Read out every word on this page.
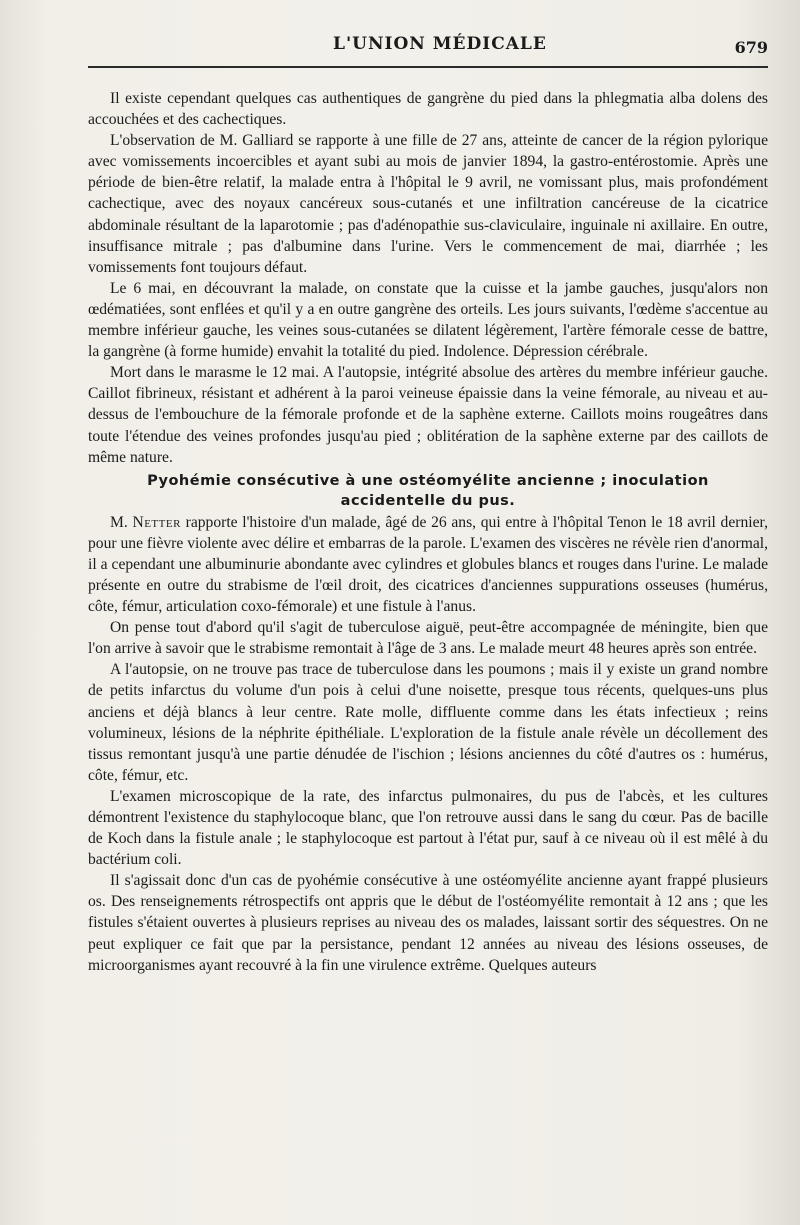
L'UNION MÉDICALE	679

Il existe cependant quelques cas authentiques de gangrène du pied dans la phlegmatia alba dolens des accouchées et des cachectiques.

L'observation de M. Galliard se rapporte à une fille de 27 ans, atteinte de cancer de la région pylorique avec vomissements incoercibles et ayant subi au mois de janvier 1894, la gastro-entérostomie. Après une période de bien-être relatif, la malade entra à l'hôpital le 9 avril, ne vomissant plus, mais profondément cachectique, avec des noyaux cancéreux sous-cutanés et une infiltration cancéreuse de la cicatrice abdominale résultant de la laparotomie ; pas d'adénopathie sus-claviculaire, inguinale ni axillaire. En outre, insuffisance mitrale ; pas d'albumine dans l'urine. Vers le commencement de mai, diarrhée ; les vomissements font toujours défaut.

Le 6 mai, en découvrant la malade, on constate que la cuisse et la jambe gauches, jusqu'alors non œdématiées, sont enflées et qu'il y a en outre gangrène des orteils. Les jours suivants, l'œdème s'accentue au membre inférieur gauche, les veines sous-cutanées se dilatent légèrement, l'artère fémorale cesse de battre, la gangrène (à forme humide) envahit la totalité du pied. Indolence. Dépression cérébrale.

Mort dans le marasme le 12 mai. A l'autopsie, intégrité absolue des artères du membre inférieur gauche. Caillot fibrineux, résistant et adhérent à la paroi veineuse épaissie dans la veine fémorale, au niveau et au-dessus de l'embouchure de la fémorale profonde et de la saphène externe. Caillots moins rougeâtres dans toute l'étendue des veines profondes jusqu'au pied ; oblitération de la saphène externe par des caillots de même nature.

Pyohémie consécutive à une ostéomyélite ancienne ; inoculation
accidentelle du pus.

M. Netter rapporte l'histoire d'un malade, âgé de 26 ans, qui entre à l'hôpital Tenon le 18 avril dernier, pour une fièvre violente avec délire et embarras de la parole. L'examen des viscères ne révèle rien d'anormal, il a cependant une albuminurie abondante avec cylindres et globules blancs et rouges dans l'urine. Le malade présente en outre du strabisme de l'œil droit, des cicatrices d'anciennes suppurations osseuses (humérus, côte, fémur, articulation coxo-fémorale) et une fistule à l'anus.

On pense tout d'abord qu'il s'agit de tuberculose aiguë, peut-être accompagnée de méningite, bien que l'on arrive à savoir que le strabisme remontait à l'âge de 3 ans. Le malade meurt 48 heures après son entrée.

A l'autopsie, on ne trouve pas trace de tuberculose dans les poumons ; mais il y existe un grand nombre de petits infarctus du volume d'un pois à celui d'une noisette, presque tous récents, quelques-uns plus anciens et déjà blancs à leur centre. Rate molle, diffluente comme dans les états infectieux ; reins volumineux, lésions de la néphrite épithéliale. L'exploration de la fistule anale révèle un décollement des tissus remontant jusqu'à une partie dénudée de l'ischion ; lésions anciennes du côté d'autres os : humérus, côte, fémur, etc.

L'examen microscopique de la rate, des infarctus pulmonaires, du pus de l'abcès, et les cultures démontrent l'existence du staphylocoque blanc, que l'on retrouve aussi dans le sang du cœur. Pas de bacille de Koch dans la fistule anale ; le staphylocoque est partout à l'état pur, sauf à ce niveau où il est mêlé à du bactérium coli.

Il s'agissait donc d'un cas de pyohémie consécutive à une ostéomyélite ancienne ayant frappé plusieurs os. Des renseignements rétrospectifs ont appris que le début de l'ostéomyélite remontait à 12 ans ; que les fistules s'étaient ouvertes à plusieurs reprises au niveau des os malades, laissant sortir des séquestres. On ne peut expliquer ce fait que par la persistance, pendant 12 années au niveau des lésions osseuses, de microorganismes ayant recouvré à la fin une virulence extrême. Quelques auteurs
